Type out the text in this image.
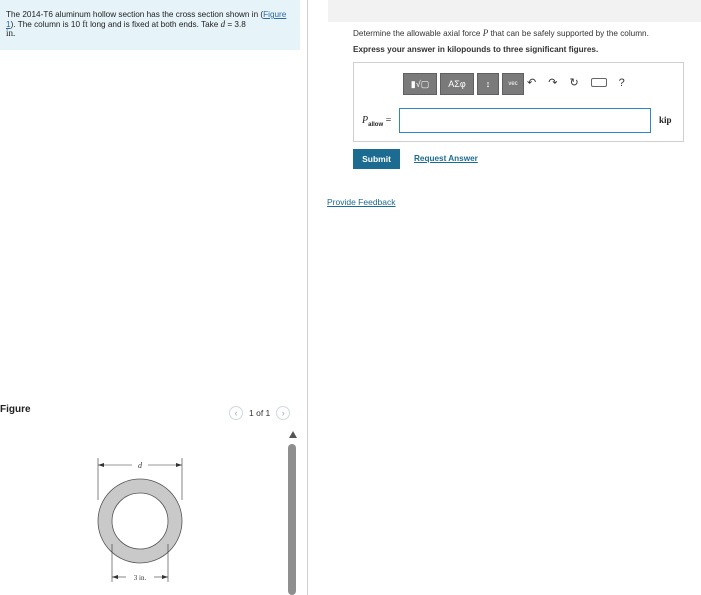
The 2014-T6 aluminum hollow section has the cross section shown in (Figure 1). The column is 10 ft long and is fixed at both ends. Take d = 3.8
in.
Figure	‹	1 of 1	›
d
3 in.
Determine the allowable axial force P that can be safely supported by the column.
Express your answer in kilopounds to three significant figures.
▮√▢	ΑΣφ	↕	vec ↶ ↷ ↻	?
$P_{allow}$ =	kip
Submit	Request Answer
Provide Feedback
